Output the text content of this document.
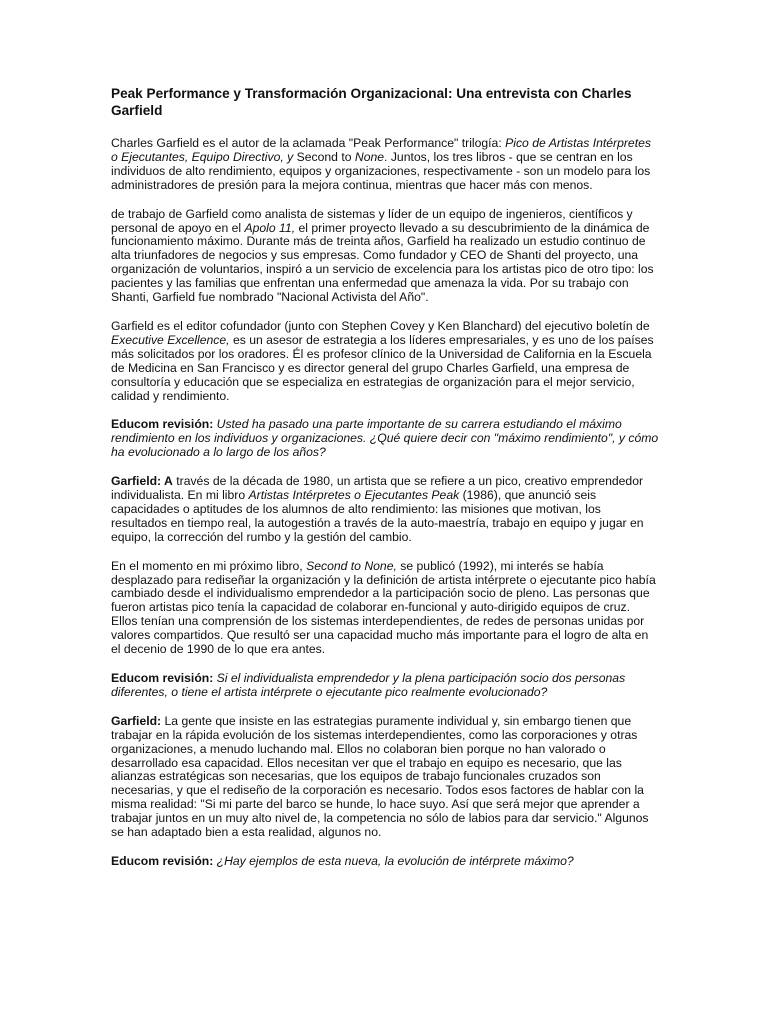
Peak Performance y Transformación Organizacional: Una entrevista con Charles Garfield

Charles Garfield es el autor de la aclamada "Peak Performance" trilogía: Pico de Artistas Intérpretes o Ejecutantes, Equipo Directivo, y Second to None. Juntos, los tres libros - que se centran en los individuos de alto rendimiento, equipos y organizaciones, respectivamente - son un modelo para los administradores de presión para la mejora continua, mientras que hacer más con menos.

de trabajo de Garfield como analista de sistemas y líder de un equipo de ingenieros, científicos y personal de apoyo en el Apolo 11, el primer proyecto llevado a su descubrimiento de la dinámica de funcionamiento máximo. Durante más de treinta años, Garfield ha realizado un estudio continuo de alta triunfadores de negocios y sus empresas. Como fundador y CEO de Shanti del proyecto, una organización de voluntarios, inspiró a un servicio de excelencia para los artistas pico de otro tipo: los pacientes y las familias que enfrentan una enfermedad que amenaza la vida. Por su trabajo con Shanti, Garfield fue nombrado "Nacional Activista del Año".

Garfield es el editor cofundador (junto con Stephen Covey y Ken Blanchard) del ejecutivo boletín de Executive Excellence, es un asesor de estrategia a los líderes empresariales, y es uno de los países más solicitados por los oradores. Él es profesor clínico de la Universidad de California en la Escuela de Medicina en San Francisco y es director general del grupo Charles Garfield, una empresa de consultoría y educación que se especializa en estrategias de organización para el mejor servicio, calidad y rendimiento.

Educom revisión: Usted ha pasado una parte importante de su carrera estudiando el máximo rendimiento en los individuos y organizaciones. ¿Qué quiere decir con "máximo rendimiento", y cómo ha evolucionado a lo largo de los años?

Garfield: A través de la década de 1980, un artista que se refiere a un pico, creativo emprendedor individualista. En mi libro Artistas Intérpretes o Ejecutantes Peak (1986), que anunció seis capacidades o aptitudes de los alumnos de alto rendimiento: las misiones que motivan, los resultados en tiempo real, la autogestión a través de la auto-maestría, trabajo en equipo y jugar en equipo, la corrección del rumbo y la gestión del cambio.

En el momento en mi próximo libro, Second to None, se publicó (1992), mi interés se había desplazado para rediseñar la organización y la definición de artista intérprete o ejecutante pico había cambiado desde el individualismo emprendedor a la participación socio de pleno. Las personas que fueron artistas pico tenía la capacidad de colaborar en-funcional y auto-dirigido equipos de cruz. Ellos tenían una comprensión de los sistemas interdependientes, de redes de personas unidas por valores compartidos. Que resultó ser una capacidad mucho más importante para el logro de alta en el decenio de 1990 de lo que era antes.

Educom revisión: Si el individualista emprendedor y la plena participación socio dos personas diferentes, o tiene el artista intérprete o ejecutante pico realmente evolucionado?

Garfield: La gente que insiste en las estrategias puramente individual y, sin embargo tienen que trabajar en la rápida evolución de los sistemas interdependientes, como las corporaciones y otras organizaciones, a menudo luchando mal. Ellos no colaboran bien porque no han valorado o desarrollado esa capacidad. Ellos necesitan ver que el trabajo en equipo es necesario, que las alianzas estratégicas son necesarias, que los equipos de trabajo funcionales cruzados son necesarias, y que el rediseño de la corporación es necesario. Todos esos factores de hablar con la misma realidad: "Si mi parte del barco se hunde, lo hace suyo. Así que será mejor que aprender a trabajar juntos en un muy alto nivel de, la competencia no sólo de labios para dar servicio." Algunos se han adaptado bien a esta realidad, algunos no.

Educom revisión: ¿Hay ejemplos de esta nueva, la evolución de intérprete máximo?
